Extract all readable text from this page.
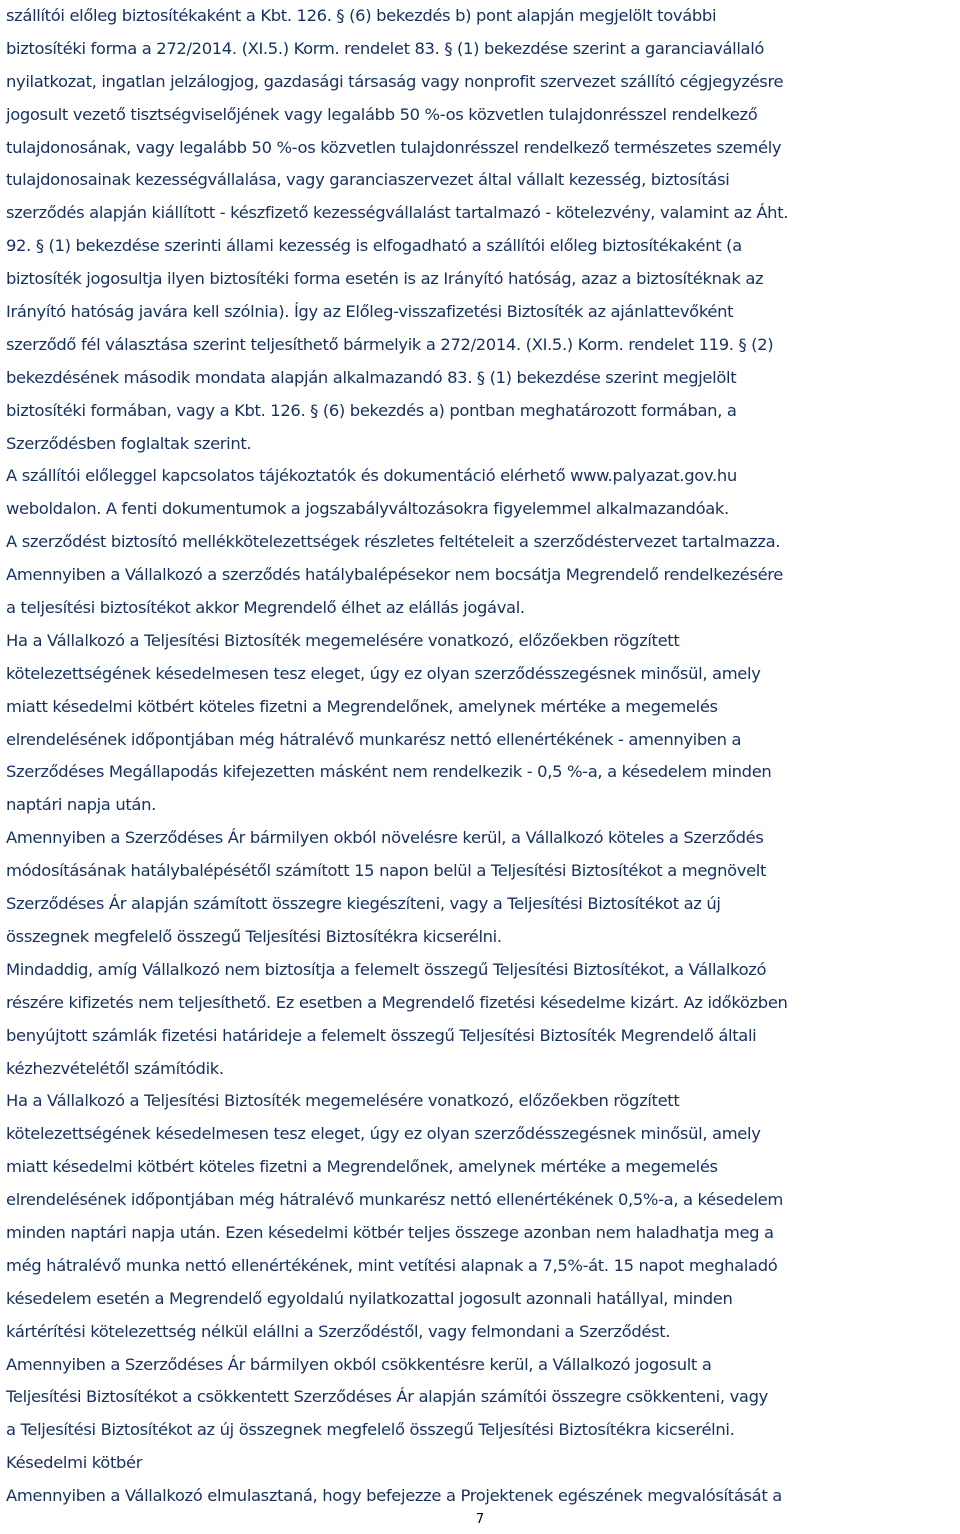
szállítói előleg biztosítékaként a Kbt. 126. § (6) bekezdés b) pont alapján megjelölt további
biztosítéki forma a 272/2014. (XI.5.) Korm. rendelet 83. § (1) bekezdése szerint a garanciavállaló
nyilatkozat, ingatlan jelzálogjog, gazdasági társaság vagy nonprofit szervezet szállító cégjegyzésre
jogosult vezető tisztségviselőjének vagy legalább 50 %-os közvetlen tulajdonrésszel rendelkező
tulajdonosának, vagy legalább 50 %-os közvetlen tulajdonrésszel rendelkező természetes személy
tulajdonosainak kezességvállalása, vagy garanciaszervezet által vállalt kezesség, biztosítási
szerződés alapján kiállított - készfizető kezességvállalást tartalmazó - kötelezvény, valamint az Áht.
92. § (1) bekezdése szerinti állami kezesség is elfogadható a szállítói előleg biztosítékaként (a
biztosíték jogosultja ilyen biztosítéki forma esetén is az Irányító hatóság, azaz a biztosítéknak az
Irányító hatóság javára kell szólnia). Így az Előleg-visszafizetési Biztosíték az ajánlattevőként
szerződő fél választása szerint teljesíthető bármelyik a 272/2014. (XI.5.) Korm. rendelet 119. § (2)
bekezdésének második mondata alapján alkalmazandó 83. § (1) bekezdése szerint megjelölt
biztosítéki formában, vagy a Kbt. 126. § (6) bekezdés a) pontban meghatározott formában, a
Szerződésben foglaltak szerint.
A szállítói előleggel kapcsolatos tájékoztatók és dokumentáció elérhető www.palyazat.gov.hu
weboldalon. A fenti dokumentumok a jogszabályváltozásokra figyelemmel alkalmazandóak.
A szerződést biztosító mellékkötelezettségek részletes feltételeit a szerződéstervezet tartalmazza.
Amennyiben a Vállalkozó a szerződés hatálybalépésekor nem bocsátja Megrendelő rendelkezésére
a teljesítési biztosítékot akkor Megrendelő élhet az elállás jogával.
Ha a Vállalkozó a Teljesítési Biztosíték megemelésére vonatkozó, előzőekben rögzített
kötelezettségének késedelmesen tesz eleget, úgy ez olyan szerződésszegésnek minősül, amely
miatt késedelmi kötbért köteles fizetni a Megrendelőnek, amelynek mértéke a megemelés
elrendelésének időpontjában még hátralévő munkarész nettó ellenértékének - amennyiben a
Szerződéses Megállapodás kifejezetten másként nem rendelkezik - 0,5 %-a, a késedelem minden
naptári napja után.
Amennyiben a Szerződéses Ár bármilyen okból növelésre kerül, a Vállalkozó köteles a Szerződés
módosításának hatálybalépésétől számított 15 napon belül a Teljesítési Biztosítékot a megnövelt
Szerződéses Ár alapján számított összegre kiegészíteni, vagy a Teljesítési Biztosítékot az új
összegnek megfelelő összegű Teljesítési Biztosítékra kicserélni.
Mindaddig, amíg Vállalkozó nem biztosítja a felemelt összegű Teljesítési Biztosítékot, a Vállalkozó
részére kifizetés nem teljesíthető. Ez esetben a Megrendelő fizetési késedelme kizárt. Az időközben
benyújtott számlák fizetési határideje a felemelt összegű Teljesítési Biztosíték Megrendelő általi
kézhezvételétől számítódik.
Ha a Vállalkozó a Teljesítési Biztosíték megemelésére vonatkozó, előzőekben rögzített
kötelezettségének késedelmesen tesz eleget, úgy ez olyan szerződésszegésnek minősül, amely
miatt késedelmi kötbért köteles fizetni a Megrendelőnek, amelynek mértéke a megemelés
elrendelésének időpontjában még hátralévő munkarész nettó ellenértékének 0,5%-a, a késedelem
minden naptári napja után. Ezen késedelmi kötbér teljes összege azonban nem haladhatja meg a
még hátralévő munka nettó ellenértékének, mint vetítési alapnak a 7,5%-át. 15 napot meghaladó
késedelem esetén a Megrendelő egyoldalú nyilatkozattal jogosult azonnali hatállyal, minden
kártérítési kötelezettség nélkül elállni a Szerződéstől, vagy felmondani a Szerződést.
Amennyiben a Szerződéses Ár bármilyen okból csökkentésre kerül, a Vállalkozó jogosult a
Teljesítési Biztosítékot a csökkentett Szerződéses Ár alapján számítói összegre csökkenteni, vagy
a Teljesítési Biztosítékot az új összegnek megfelelő összegű Teljesítési Biztosítékra kicserélni.
Késedelmi kötbér
Amennyiben a Vállalkozó elmulasztaná, hogy befejezze a Projektenek egészének megvalósítását a
7
